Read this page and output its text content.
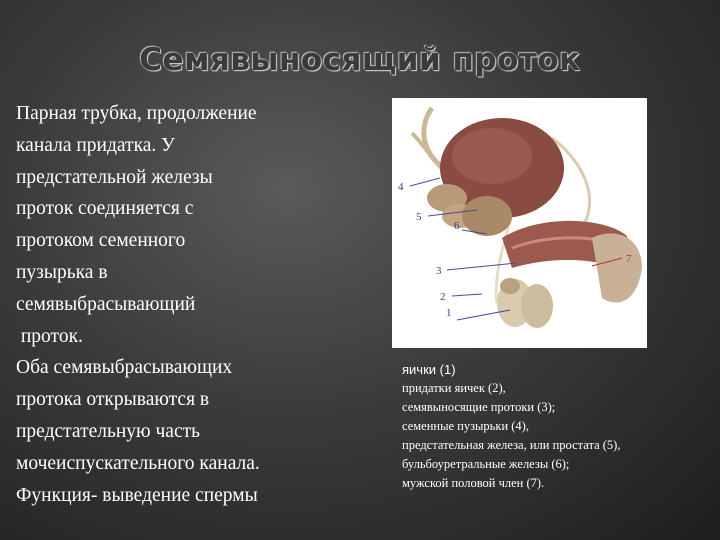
Семявыносящий проток
Парная трубка, продолжение
канала придатка. У
предстательной железы
проток соединяется с
протоком семенного
пузырька в
семявыбрасывающий
проток.
Оба семявыбрасывающих
протока открываются в
предстательную часть
мочеиспускательного канала.
Функция- выведение спермы
4
5
6
3
2
1
7
яички (1)
придатки яичек (2),
семявыносящие протоки (3);
семенные пузырьки (4),
предстательная железа, или простата (5),
бульбоуретральные железы (6);
мужской половой член (7).
